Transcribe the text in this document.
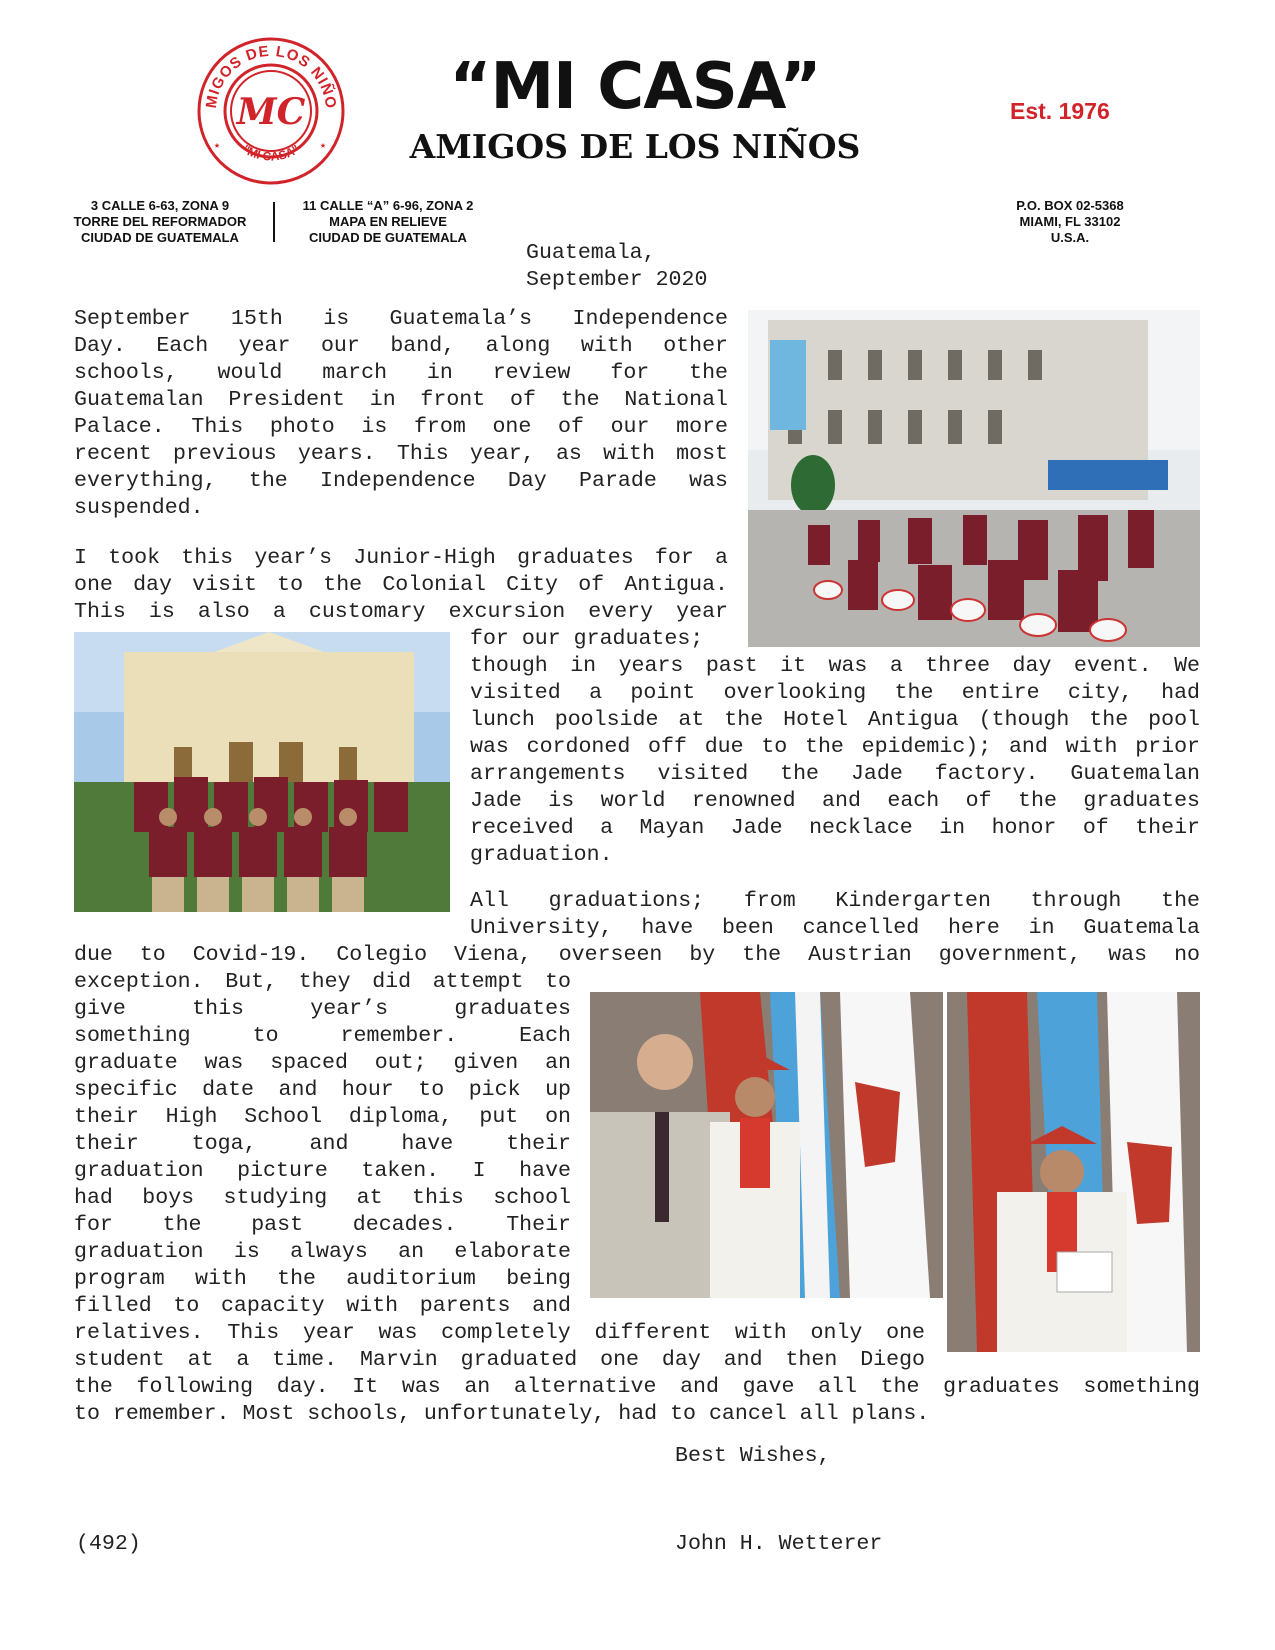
MIGOS DE LOS NIÑO
"MI CASA"
MC
★	★
“MI CASA”
AMIGOS DE LOS NIÑOS
Est. 1976
3 CALLE 6-63, ZONA 9
TORRE DEL REFORMADOR
CIUDAD DE GUATEMALA
11 CALLE “A” 6-96, ZONA 2
MAPA EN RELIEVE
CIUDAD DE GUATEMALA
P.O. BOX 02-5368
MIAMI, FL 33102
U.S.A.
Guatemala,
September 2020
September 15th is Guatemala’s Independence
Day. Each year our band, along with other
schools, would march in review for the
Guatemalan President in front of the National
Palace. This photo is from one of our more
recent previous years. This year, as with most
everything, the Independence Day Parade was
suspended.
I took this year’s Junior-High graduates for a
one day visit to the Colonial City of Antigua.
This is also a customary excursion every year
for our graduates;
though in years past it was a three day event. We
visited a point overlooking the entire city, had
lunch poolside at the Hotel Antigua (though the pool
was cordoned off due to the epidemic); and with prior
arrangements visited the Jade factory. Guatemalan
Jade is world renowned and each of the graduates
received a Mayan Jade necklace in honor of their
graduation.
All graduations; from Kindergarten through the
University, have been cancelled here in Guatemala
due to Covid-19. Colegio Viena, overseen by the Austrian government, was no
exception. But, they did attempt to
give this year’s graduates
something to remember. Each
graduate was spaced out; given an
specific date and hour to pick up
their High School diploma, put on
their toga, and have their
graduation picture taken. I have
had boys studying at this school
for the past decades. Their
graduation is always an elaborate
program with the auditorium being
filled to capacity with parents and
relatives. This year was completely different with only one
student at a time. Marvin graduated one day and then Diego
the following day. It was an alternative and gave all the graduates something
to remember. Most schools, unfortunately, had to cancel all plans.
Best Wishes,
(492)	John H. Wetterer
